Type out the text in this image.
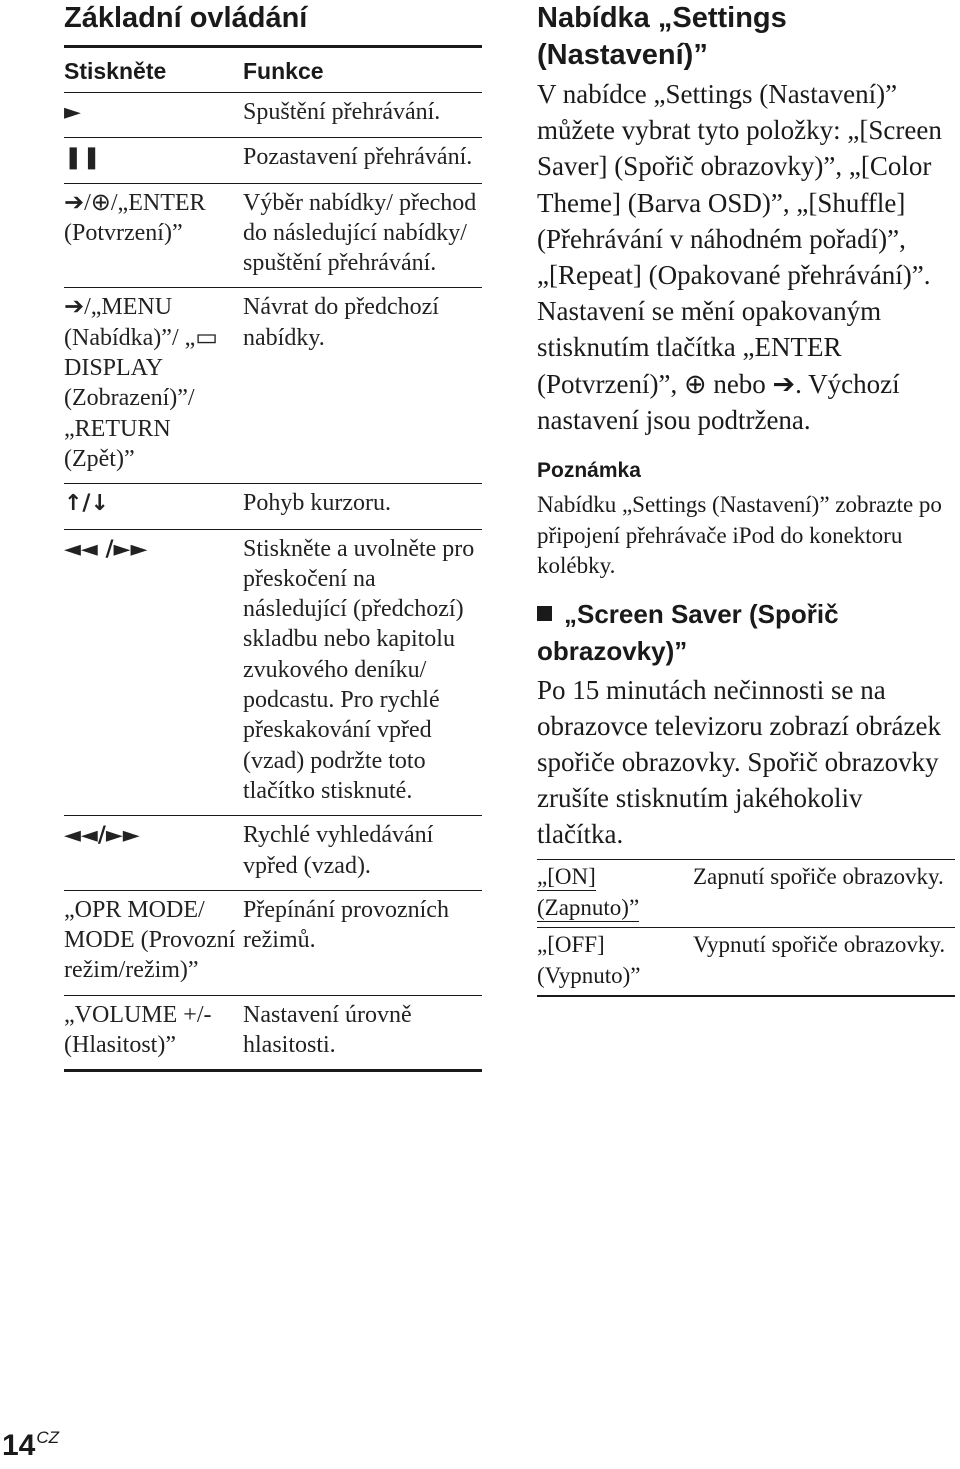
Základní ovládání
Stiskněte	Funkce
►	Spuštění přehrávání.
❚❚	Pozastavení přehrávání.
➔/⊕/„ENTER (Potvrzení)”	Výběr nabídky/ přechod do následující nabídky/ spuštění přehrávání.
➔/„MENU (Nabídka)”/ „▭ DISPLAY (Zobrazení)”/ „RETURN (Zpět)”	Návrat do předchozí nabídky.
↑/↓	Pohyb kurzoru.
◄◄ /►►	Stiskněte a uvolněte pro přeskočení na následující (předchozí) skladbu nebo kapitolu zvukového deníku/ podcastu. Pro rychlé přeskakování vpřed (vzad) podržte toto tlačítko stisknuté.
◄◄/►►	Rychlé vyhledávání vpřed (vzad).
„OPR MODE/ MODE (Provozní režim/režim)”	Přepínání provozních režimů.
„VOLUME +/- (Hlasitost)”	Nastavení úrovně hlasitosti.
Nabídka „Settings (Nastavení)”

V nabídce „Settings (Nastavení)” můžete vybrat tyto položky: „[Screen Saver] (Spořič obrazovky)”, „[Color Theme] (Barva OSD)”, „[Shuffle] (Přehrávání v náhodném pořadí)”, „[Repeat] (Opakované přehrávání)”. Nastavení se mění opakovaným stisknutím tlačítka „ENTER (Potvrzení)”, ⊕ nebo ➔. Výchozí nastavení jsou podtržena.

Poznámka

Nabídku „Settings (Nastavení)” zobrazte po připojení přehrávače iPod do konektoru kolébky.

„Screen Saver (Spořič obrazovky)”

Po 15 minutách nečinnosti se na obrazovce televizoru zobrazí obrázek spořiče obrazovky. Spořič obrazovky zrušíte stisknutím jakéhokoliv tlačítka.

„[ON] (Zapnuto)”	Zapnutí spořiče obrazovky.
„[OFF] (Vypnuto)”	Vypnutí spořiče obrazovky.
$14^{CZ}$
